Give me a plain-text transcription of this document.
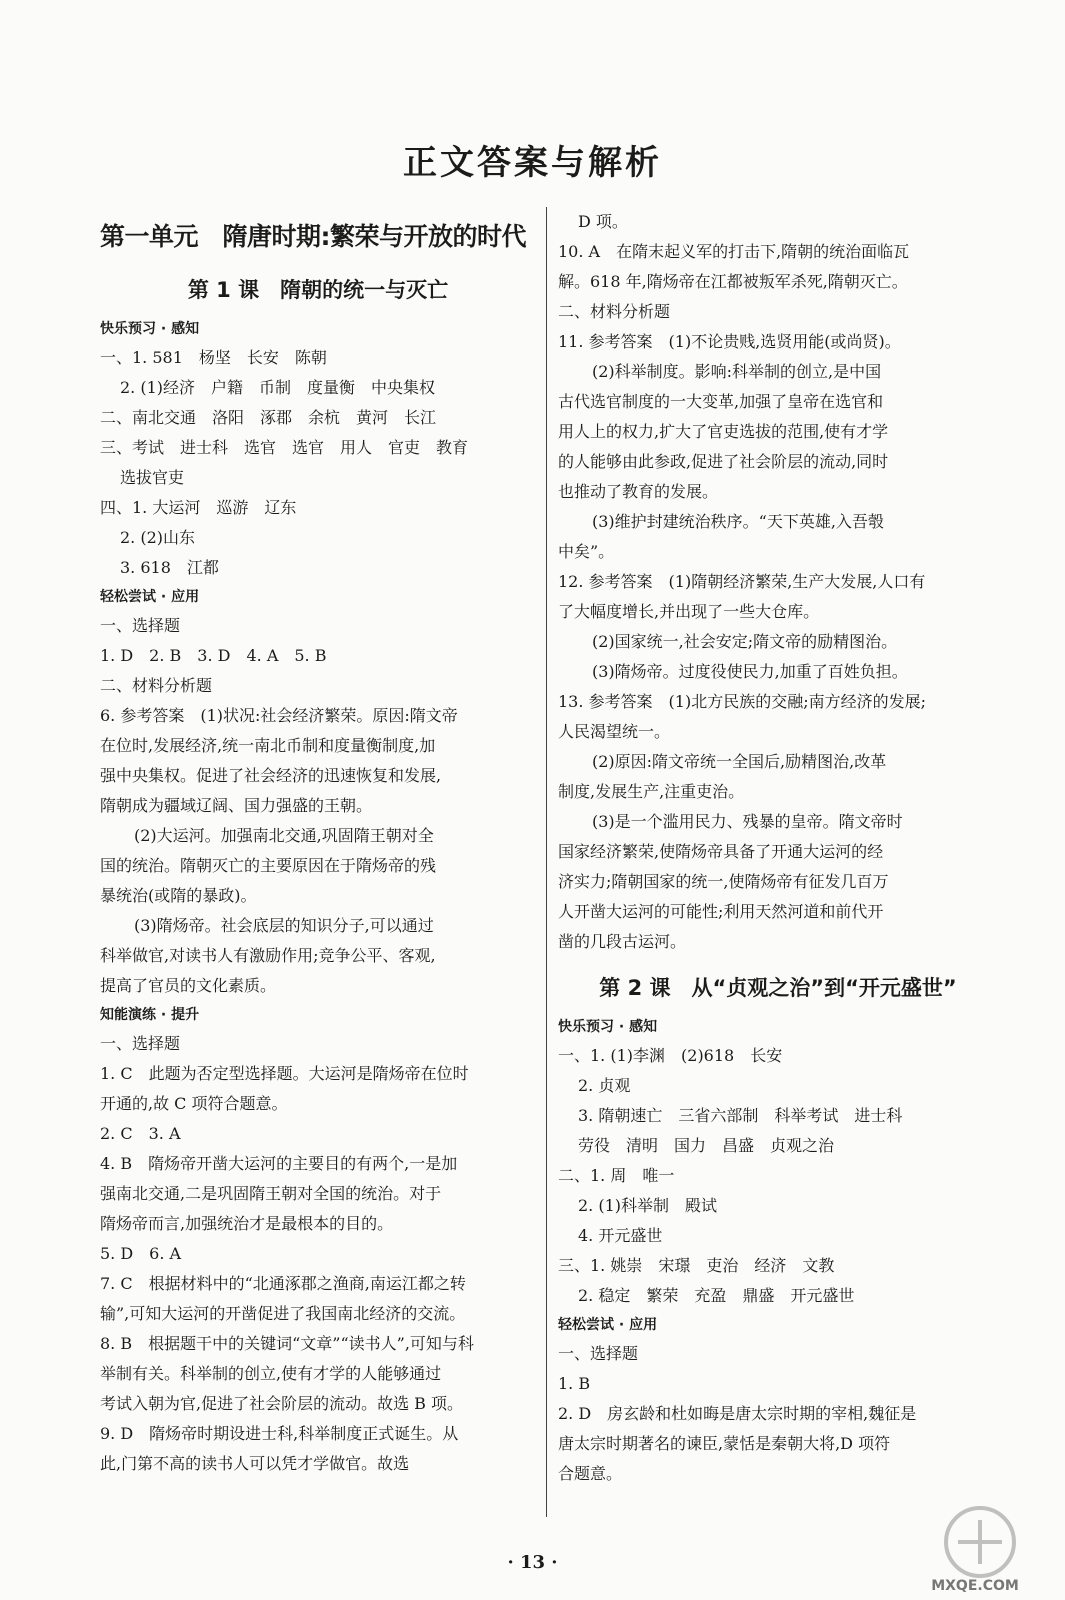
正文答案与解析
第一单元　隋唐时期:繁荣与开放的时代
第 1 课　隋朝的统一与灭亡
快乐预习 · 感知
一、1. 581　杨坚　长安　陈朝
2. (1)经济　户籍　币制　度量衡　中央集权
二、南北交通　洛阳　涿郡　余杭　黄河　长江
三、考试　进士科　选官　选官　用人　官吏　教育
选拔官吏
四、1. 大运河　巡游　辽东
2. (2)山东
3. 618　江都
轻松尝试 · 应用
一、选择题
1. D　2. B　3. D　4. A　5. B
二、材料分析题
6. 参考答案　(1)状况:社会经济繁荣。原因:隋文帝
在位时,发展经济,统一南北币制和度量衡制度,加
强中央集权。促进了社会经济的迅速恢复和发展,
隋朝成为疆域辽阔、国力强盛的王朝。
(2)大运河。加强南北交通,巩固隋王朝对全
国的统治。隋朝灭亡的主要原因在于隋炀帝的残
暴统治(或隋的暴政)。
(3)隋炀帝。社会底层的知识分子,可以通过
科举做官,对读书人有激励作用;竞争公平、客观,
提高了官员的文化素质。
知能演练 · 提升
一、选择题
1. C　此题为否定型选择题。大运河是隋炀帝在位时
开通的,故 C 项符合题意。
2. C　3. A
4. B　隋炀帝开凿大运河的主要目的有两个,一是加
强南北交通,二是巩固隋王朝对全国的统治。对于
隋炀帝而言,加强统治才是最根本的目的。
5. D　6. A
7. C　根据材料中的“北通涿郡之渔商,南运江都之转
输”,可知大运河的开凿促进了我国南北经济的交流。
8. B　根据题干中的关键词“文章”“读书人”,可知与科
举制有关。科举制的创立,使有才学的人能够通过
考试入朝为官,促进了社会阶层的流动。故选 B 项。
9. D　隋炀帝时期设进士科,科举制度正式诞生。从
此,门第不高的读书人可以凭才学做官。故选
D 项。
10. A　在隋末起义军的打击下,隋朝的统治面临瓦
解。618 年,隋炀帝在江都被叛军杀死,隋朝灭亡。
二、材料分析题
11. 参考答案　(1)不论贵贱,选贤用能(或尚贤)。
(2)科举制度。影响:科举制的创立,是中国
古代选官制度的一大变革,加强了皇帝在选官和
用人上的权力,扩大了官吏选拔的范围,使有才学
的人能够由此参政,促进了社会阶层的流动,同时
也推动了教育的发展。
(3)维护封建统治秩序。“天下英雄,入吾彀
中矣”。
12. 参考答案　(1)隋朝经济繁荣,生产大发展,人口有
了大幅度增长,并出现了一些大仓库。
(2)国家统一,社会安定;隋文帝的励精图治。
(3)隋炀帝。过度役使民力,加重了百姓负担。
13. 参考答案　(1)北方民族的交融;南方经济的发展;
人民渴望统一。
(2)原因:隋文帝统一全国后,励精图治,改革
制度,发展生产,注重吏治。
(3)是一个滥用民力、残暴的皇帝。隋文帝时
国家经济繁荣,使隋炀帝具备了开通大运河的经
济实力;隋朝国家的统一,使隋炀帝有征发几百万
人开凿大运河的可能性;利用天然河道和前代开
凿的几段古运河。
第 2 课　从“贞观之治”到“开元盛世”
快乐预习 · 感知
一、1. (1)李渊　(2)618　长安
2. 贞观
3. 隋朝速亡　三省六部制　科举考试　进士科
劳役　清明　国力　昌盛　贞观之治
二、1. 周　唯一
2. (1)科举制　殿试
4. 开元盛世
三、1. 姚崇　宋璟　吏治　经济　文教
2. 稳定　繁荣　充盈　鼎盛　开元盛世
轻松尝试 · 应用
一、选择题
1. B
2. D　房玄龄和杜如晦是唐太宗时期的宰相,魏征是
唐太宗时期著名的谏臣,蒙恬是秦朝大将,D 项符
合题意。
· 13 ·
MXQE.COM
